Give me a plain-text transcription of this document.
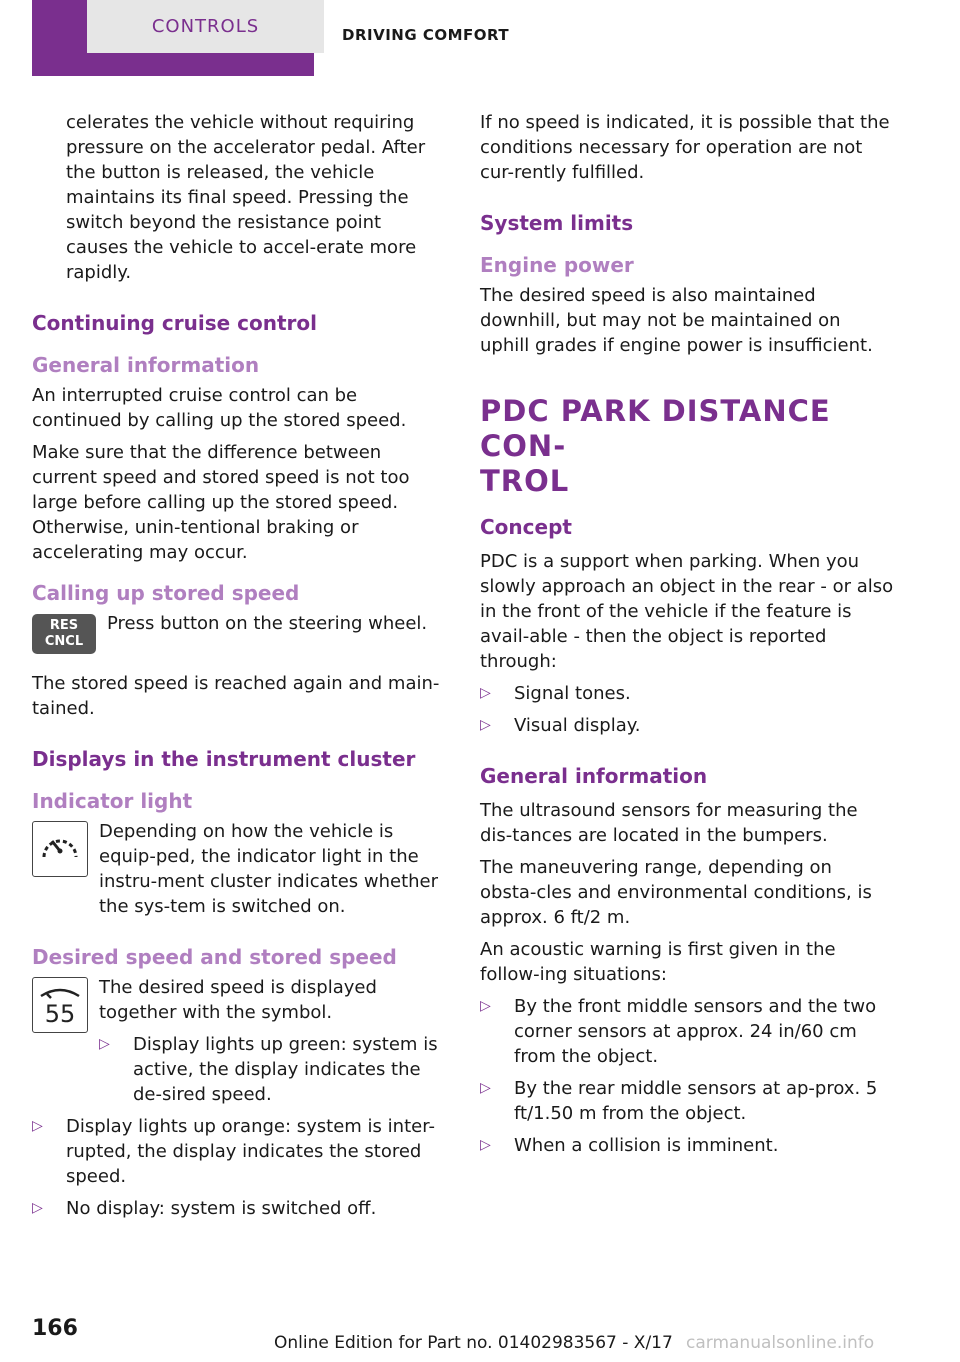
CONTROLS	DRIVING COMFORT

celerates the vehicle without requiring pressure on the accelerator pedal. After the button is released, the vehicle maintains its final speed. Pressing the switch beyond the resistance point causes the vehicle to accel-erate more rapidly.

Continuing cruise control
General information

An interrupted cruise control can be continued by calling up the stored speed.

Make sure that the difference between current speed and stored speed is not too large before calling up the stored speed. Otherwise, unin-tentional braking or accelerating may occur.

Calling up stored speed
RES
CNCL

Press button on the steering wheel.

The stored speed is reached again and main-tained.

Displays in the instrument cluster
Indicator light

Depending on how the vehicle is equip-ped, the indicator light in the instru-ment cluster indicates whether the sys-tem is switched on.

Desired speed and stored speed
55

The desired speed is displayed together with the symbol.

▷ Display lights up green: system is active, the display indicates the de-sired speed.
▷ Display lights up orange: system is inter-rupted, the display indicates the stored speed.
▷ No display: system is switched off.

If no speed is indicated, it is possible that the conditions necessary for operation are not cur-rently fulfilled.

System limits
Engine power

The desired speed is also maintained downhill, but may not be maintained on uphill grades if engine power is insufficient.

PDC PARK DISTANCE CON-
TROL
Concept

PDC is a support when parking. When you slowly approach an object in the rear - or also in the front of the vehicle if the feature is avail-able - then the object is reported through:

▷ Signal tones.
▷ Visual display.
General information

The ultrasound sensors for measuring the dis-tances are located in the bumpers.

The maneuvering range, depending on obsta-cles and environmental conditions, is approx. 6 ft/2 m.

An acoustic warning is first given in the follow-ing situations:

▷ By the front middle sensors and the two corner sensors at approx. 24 in/60 cm from the object.
▷ By the rear middle sensors at ap-prox. 5 ft/1.50 m from the object.
▷ When a collision is imminent.
166
Online Edition for Part no. 01402983567 - X/17 carmanualsonline.info
